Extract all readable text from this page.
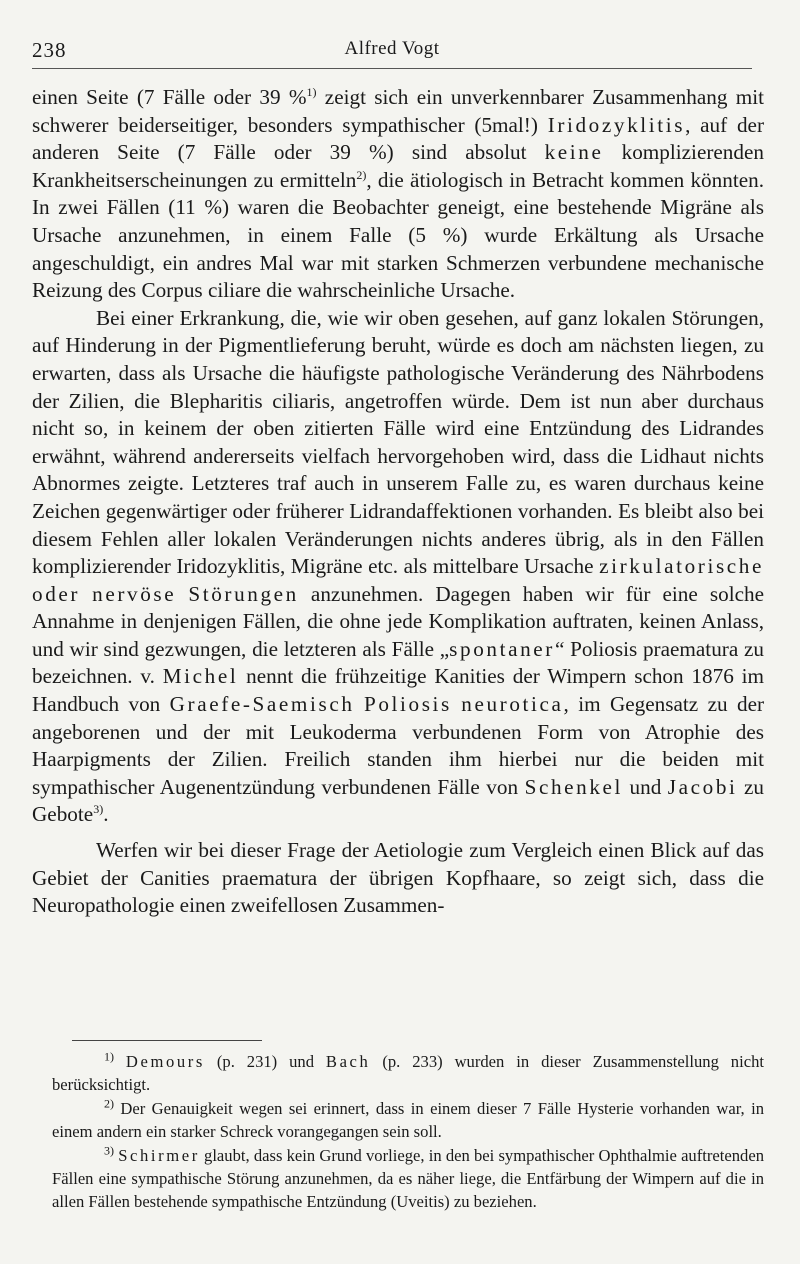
238	Alfred Vogt

einen Seite (7 Fälle oder 39 %$^{1)}$ zeigt sich ein unverkennbarer Zusammenhang mit schwerer beiderseitiger, besonders sympathischer (5mal!) Iridozyklitis, auf der anderen Seite (7 Fälle oder 39 %) sind absolut keine komplizierenden Krankheitserscheinungen zu ermitteln$^{2)}$, die ätiologisch in Betracht kommen könnten. In zwei Fällen (11 %) waren die Beobachter geneigt, eine bestehende Migräne als Ursache anzunehmen, in einem Falle (5 %) wurde Erkältung als Ursache angeschuldigt, ein andres Mal war mit starken Schmerzen verbundene mechanische Reizung des Corpus ciliare die wahrscheinliche Ursache.

Bei einer Erkrankung, die, wie wir oben gesehen, auf ganz lokalen Störungen, auf Hinderung in der Pigmentlieferung beruht, würde es doch am nächsten liegen, zu erwarten, dass als Ursache die häufigste pathologische Veränderung des Nährbodens der Zilien, die Blepharitis ciliaris, angetroffen würde. Dem ist nun aber durchaus nicht so, in keinem der oben zitierten Fälle wird eine Entzündung des Lidrandes erwähnt, während andererseits vielfach hervorgehoben wird, dass die Lidhaut nichts Abnormes zeigte. Letzteres traf auch in unserem Falle zu, es waren durchaus keine Zeichen gegenwärtiger oder früherer Lidrandaffektionen vorhanden. Es bleibt also bei diesem Fehlen aller lokalen Veränderungen nichts anderes übrig, als in den Fällen komplizierender Iridozyklitis, Migräne etc. als mittelbare Ursache zirkulatorische oder nervöse Störungen anzunehmen. Dagegen haben wir für eine solche Annahme in denjenigen Fällen, die ohne jede Komplikation auftraten, keinen Anlass, und wir sind gezwungen, die letzteren als Fälle „spontaner“ Poliosis praematura zu bezeichnen. v. Michel nennt die frühzeitige Kanities der Wimpern schon 1876 im Handbuch von Graefe-Saemisch Poliosis neurotica, im Gegensatz zu der angeborenen und der mit Leukoderma verbundenen Form von Atrophie des Haarpigments der Zilien. Freilich standen ihm hierbei nur die beiden mit sympathischer Augenentzündung verbundenen Fälle von Schenkel und Jacobi zu Gebote$^{3)}$.

Werfen wir bei dieser Frage der Aetiologie zum Vergleich einen Blick auf das Gebiet der Canities praematura der übrigen Kopfhaare, so zeigt sich, dass die Neuropathologie einen zweifellosen Zusammen-

$^{1)}$ Demours (p. 231) und Bach (p. 233) wurden in dieser Zusammenstellung nicht berücksichtigt.

$^{2)}$ Der Genauigkeit wegen sei erinnert, dass in einem dieser 7 Fälle Hysterie vorhanden war, in einem andern ein starker Schreck vorangegangen sein soll.

$^{3)}$ Schirmer glaubt, dass kein Grund vorliege, in den bei sympathischer Ophthalmie auftretenden Fällen eine sympathische Störung anzunehmen, da es näher liege, die Entfärbung der Wimpern auf die in allen Fällen bestehende sympathische Entzündung (Uveitis) zu beziehen.
